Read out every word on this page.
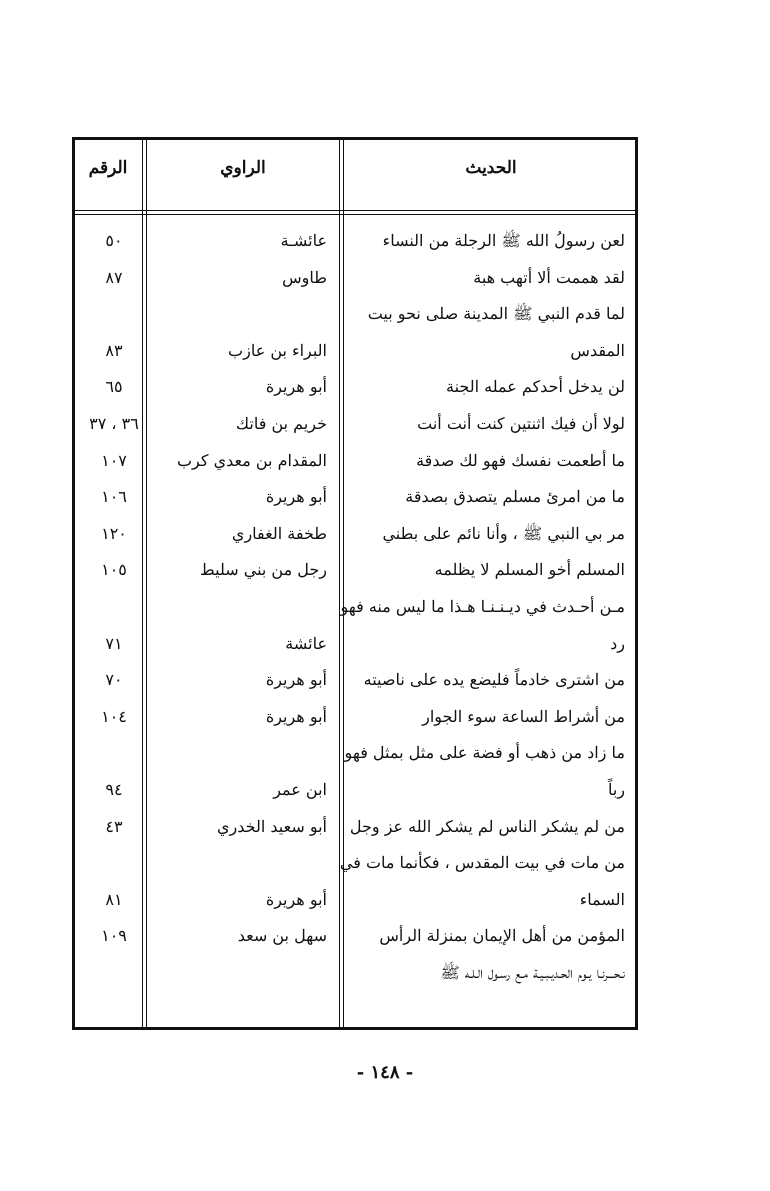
الحديث
الراوي
الرقم
لعن رسولُ الله ﷺ الرجلة من النساء
عائشـة
٥٠
لقد هممت ألا أتهب هبة
طاوس
٨٧
لما قدم النبي ﷺ المدينة صلى نحو بيت
المقدس
البراء بن عازب
٨٣
لن يدخل أحدكم عمله الجنة
أبو هريرة
٦٥
لولا أن فيك اثنتين كنت أنت أنت
خريم بن فاتك
٣٦ ، ٣٧
ما أطعمت نفسك فهو لك صدقة
المقدام بن معدي كرب
١٠٧
ما من امرئ مسلم يتصدق بصدقة
أبو هريرة
١٠٦
مر بي النبي ﷺ ، وأنا نائم على بطني
طخفة الغفاري
١٢٠
المسلم أخو المسلم لا يظلمه
رجل من بني سليط
١٠٥
مـن أحـدث في ديـنـنـا هـذا ما ليس منه فهو
رد
عائشة
٧١
من اشترى خادماً فليضع يده على ناصيته
أبو هريرة
٧٠
من أشراط الساعة سوء الجوار
أبو هريرة
١٠٤
ما زاد من ذهب أو فضة على مثل بمثل فهو
رباً
ابن عمر
٩٤
من لم يشكر الناس لم يشكر الله عز وجل
أبو سعيد الخدري
٤٣
من مات في بيت المقدس ، فكأنما مات في
السماء
أبو هريرة
٨١
المؤمن من أهل الإيمان بمنزلة الرأس
سهل بن سعد
١٠٩
نـحـــرنـا يـوم الحـديـبـيـة مـع رسـول الـلـه ﷺ
- ١٤٨ -
